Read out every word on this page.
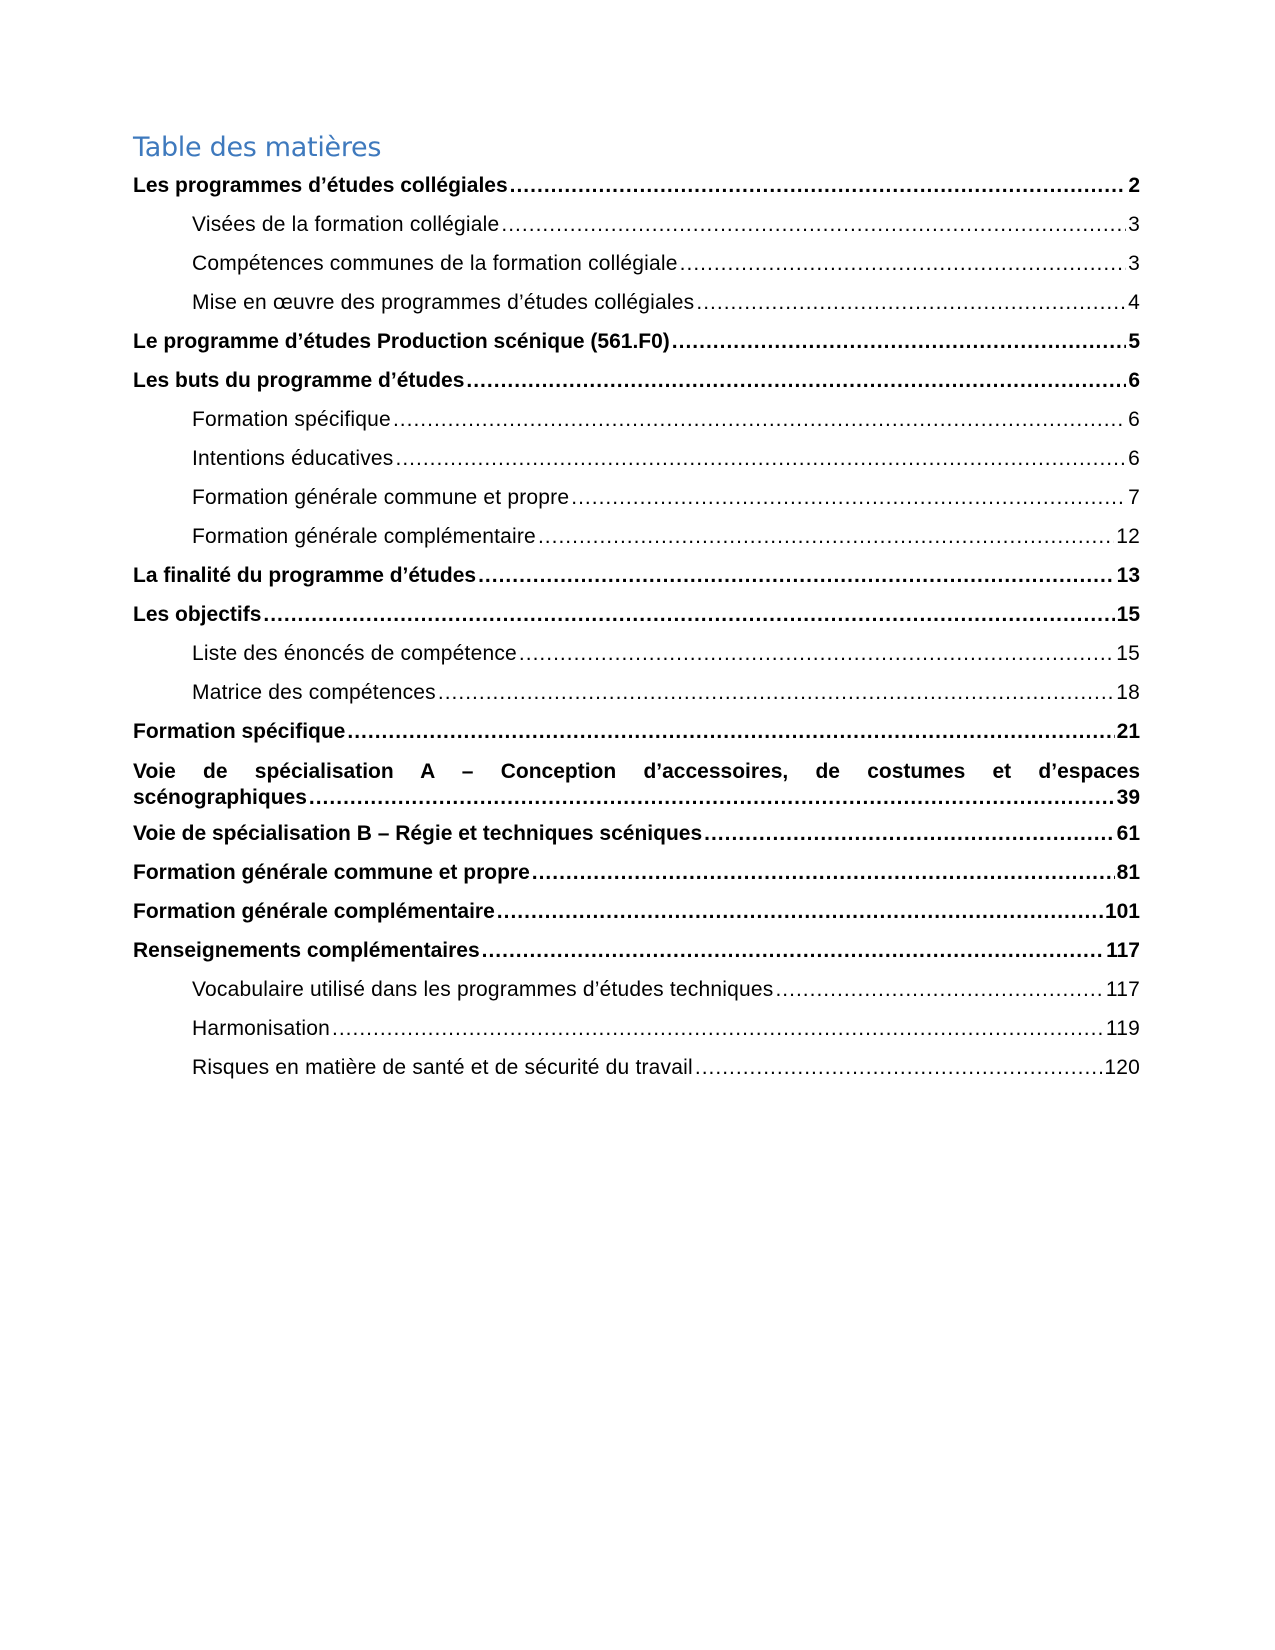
Table des matières
Les programmes d’études collégiales .....	2
Visées de la formation collégiale .....	3
Compétences communes de la formation collégiale .....	3
Mise en œuvre des programmes d’études collégiales .....	4
Le programme d’études Production scénique (561.F0) .....	5
Les buts du programme d’études .....	6
Formation spécifique .....	6
Intentions éducatives .....	6
Formation générale commune et propre .....	7
Formation générale complémentaire .....	12
La finalité du programme d’études .....	13
Les objectifs .....	15
Liste des énoncés de compétence .....	15
Matrice des compétences .....	18
Formation spécifique .....	21
Voie de spécialisation A – Conception d’accessoires, de costumes et d’espaces
scénographiques .....	39
Voie de spécialisation B – Régie et techniques scéniques .....	61
Formation générale commune et propre .....	81
Formation générale complémentaire .....	101
Renseignements complémentaires .....	117
Vocabulaire utilisé dans les programmes d’études techniques .....	117
Harmonisation .....	119
Risques en matière de santé et de sécurité du travail .....	120
